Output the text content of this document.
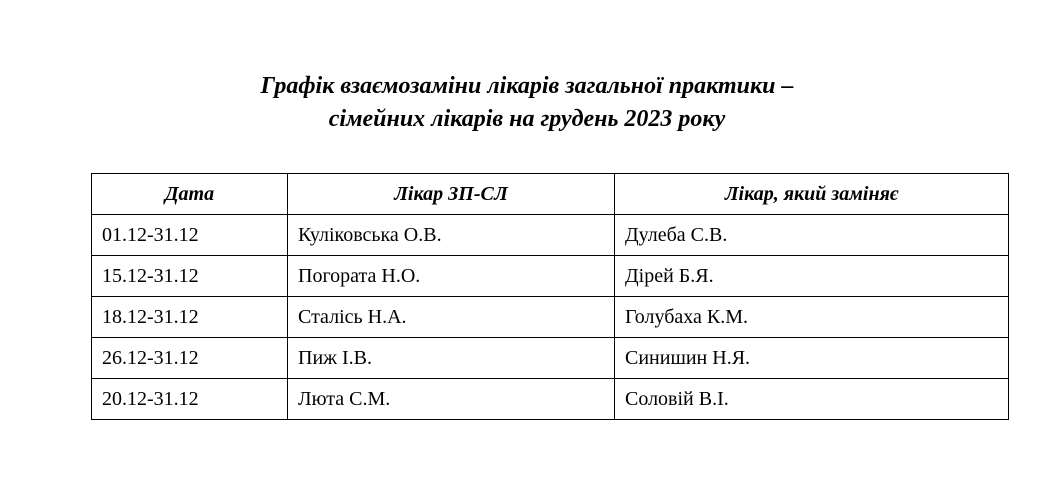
Графік взаємозаміни лікарів загальної практики –
сімейних лікарів на грудень 2023 року
Дата	Лікар ЗП-СЛ	Лікар, який заміняє
01.12-31.12	Куліковська О.В.	Дулеба С.В.
15.12-31.12	Погората Н.О.	Дірей Б.Я.
18.12-31.12	Сталісь Н.А.	Голубаха К.М.
26.12-31.12	Пиж І.В.	Синишин Н.Я.
20.12-31.12	Люта С.М.	Соловій В.І.
